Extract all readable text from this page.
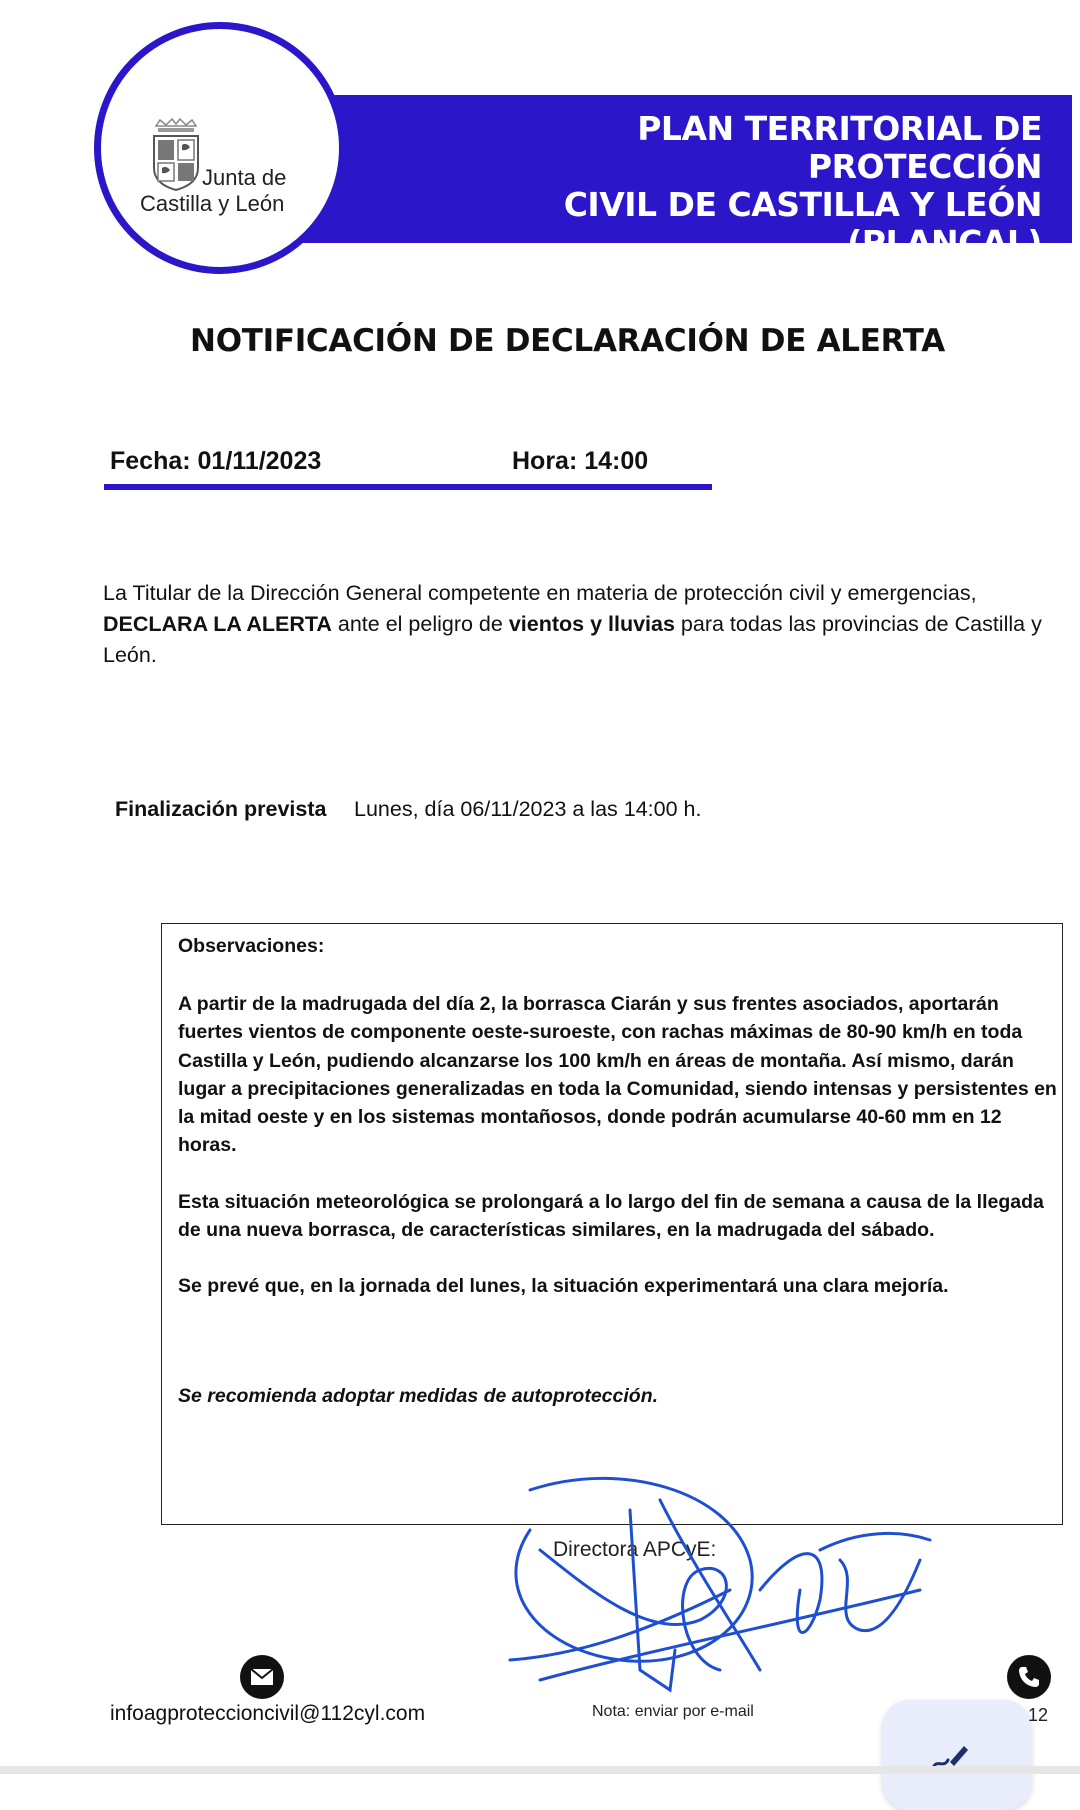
Junta de
Castilla y León
PLAN TERRITORIAL DE PROTECCIÓN
CIVIL DE CASTILLA Y LEÓN
(PLANCAL)
NOTIFICACIÓN DE DECLARACIÓN DE ALERTA
Fecha: 01/11/2023	Hora: 14:00
La Titular de la Dirección General competente en materia de protección civil y emergencias, DECLARA LA ALERTA ante el peligro de vientos y lluvias para todas las provincias de Castilla y León.
Finalización prevista Lunes, día 06/11/2023 a las 14:00 h.
Observaciones:
A partir de la madrugada del día 2, la borrasca Ciarán y sus frentes asociados, aportarán fuertes vientos de componente oeste-suroeste, con rachas máximas de 80-90 km/h en toda Castilla y León, pudiendo alcanzarse los 100 km/h en áreas de montaña. Así mismo, darán lugar a precipitaciones generalizadas en toda la Comunidad, siendo intensas y persistentes en la mitad oeste y en los sistemas montañosos, donde podrán acumularse 40-60 mm en 12 horas.
Esta situación meteorológica se prolongará a lo largo del fin de semana a causa de la llegada de una nueva borrasca, de características similares, en la madrugada del sábado.
Se prevé que, en la jornada del lunes, la situación experimentará una clara mejoría.
Se recomienda adoptar medidas de autoprotección.
Directora APCyE:
infoagproteccioncivil@112cyl.com	Nota: enviar por e-mail	12
